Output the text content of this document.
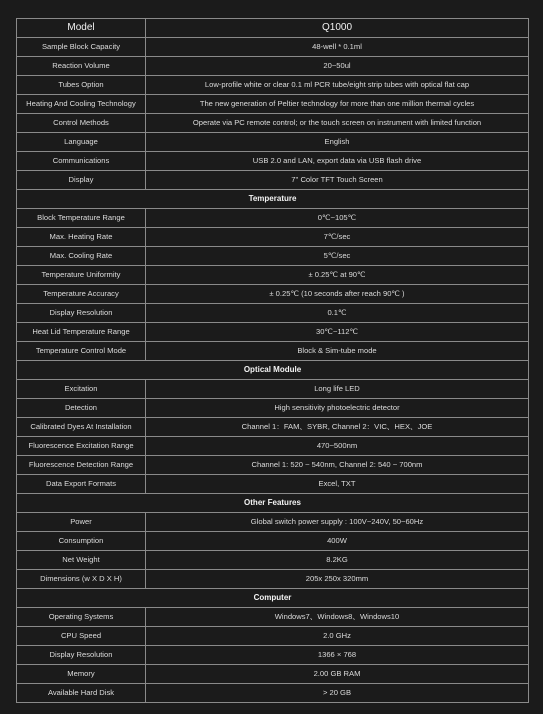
Model	Q1000
Sample Block Capacity	48-well * 0.1ml
Reaction Volume	20~50ul
Tubes Option	Low-profile white or clear 0.1 ml PCR tube/eight strip tubes with optical flat cap
Heating And Cooling Technology	The new generation of Peltier technology for more than one million thermal cycles
Control Methods	Operate via PC remote control; or the touch screen on instrument with limited function
Language	English
Communications	USB 2.0 and LAN, export data via USB flash drive
Display	7'' Color TFT Touch Screen
Temperature	
Block Temperature Range	0℃~105℃
Max. Heating Rate	7℃/sec
Max. Cooling Rate	5℃/sec
Temperature Uniformity	± 0.25℃ at 90℃
Temperature Accuracy	± 0.25℃ (10 seconds after reach 90℃ )
Display Resolution	0.1℃
Heat Lid Temperature Range	30℃~112℃
Temperature Control Mode	Block & Sim-tube mode
Optical Module	
Excitation	Long life LED
Detection	High sensitivity photoelectric detector
Calibrated Dyes At Installation	Channel 1：FAM、SYBR, Channel 2：VIC、HEX、JOE
Fluorescence Excitation Range	470~500nm
Fluorescence Detection Range	Channel 1: 520 ~ 540nm, Channel 2: 540 ~ 700nm
Data Export Formats	Excel, TXT
Other Features	
Power	Global switch power supply : 100V~240V, 50~60Hz
Consumption	400W
Net Weight	8.2KG
Dimensions (w X D X H)	205x 250x 320mm
Computer	
Operating Systems	Windows7、Windows8、Windows10
CPU Speed	2.0 GHz
Display Resolution	1366 × 768
Memory	2.00 GB RAM
Available Hard Disk	> 20 GB
